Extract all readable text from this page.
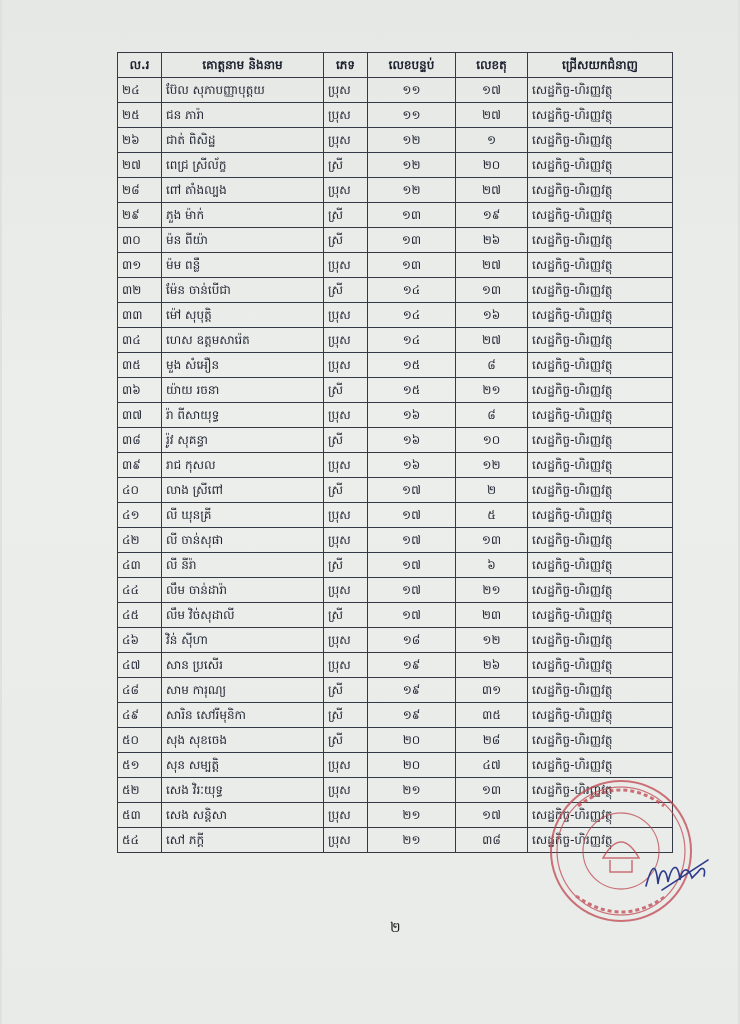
ល.រ	គោត្តនាម និងនាម	ភេទ	លេខបន្ទប់	លេខតុ	ជ្រើសយកជំនាញ
២៤	ប៊ែល សុភាបញ្ញាបុត្តយ	ប្រុស	១១	១៧	សេដ្ឋកិច្ច-ហិរញ្ញវត្ថុ
២៥	ជន ភារ៉ា	ប្រុស	១១	២៧	សេដ្ឋកិច្ច-ហិរញ្ញវត្ថុ
២៦	ជាត់ ពិសិដ្ឋ	ប្រុស	១២	១	សេដ្ឋកិច្ច-ហិរញ្ញវត្ថុ
២៧	ពេជ្រ ស្រីល័ក្ខ	ស្រី	១២	២០	សេដ្ឋកិច្ច-ហិរញ្ញវត្ថុ
២៨	ពៅ តាំងល្បង	ប្រុស	១២	២៧	សេដ្ឋកិច្ច-ហិរញ្ញវត្ថុ
២៩	ភួង ម៉ាក់	ស្រី	១៣	១៩	សេដ្ឋកិច្ច-ហិរញ្ញវត្ថុ
៣០	ម៉ន ពីយ៉ា	ស្រី	១៣	២៦	សេដ្ឋកិច្ច-ហិរញ្ញវត្ថុ
៣១	ម៉ម ពន្លឺ	ប្រុស	១៣	២៧	សេដ្ឋកិច្ច-ហិរញ្ញវត្ថុ
៣២	ម៉ែន ចាន់បើជា	ស្រី	១៤	១៣	សេដ្ឋកិច្ច-ហិរញ្ញវត្ថុ
៣៣	ម៉ៅ សុបុត្តិ	ប្រុស	១៤	១៦	សេដ្ឋកិច្ច-ហិរញ្ញវត្ថុ
៣៤	ហេស ឧត្តមសារ៉េត	ប្រុស	១៤	២៧	សេដ្ឋកិច្ច-ហិរញ្ញវត្ថុ
៣៥	មួង សំអឿន	ប្រុស	១៥	៨	សេដ្ឋកិច្ច-ហិរញ្ញវត្ថុ
៣៦	យ៉ាយ រចនា	ស្រី	១៥	២១	សេដ្ឋកិច្ច-ហិរញ្ញវត្ថុ
៣៧	រ៉ា ពីសាយុទ្ធ	ប្រុស	១៦	៨	សេដ្ឋកិច្ច-ហិរញ្ញវត្ថុ
៣៨	រ៉ូវ សុគន្ធា	ស្រី	១៦	១០	សេដ្ឋកិច្ច-ហិរញ្ញវត្ថុ
៣៩	រាជ កុសល	ប្រុស	១៦	១២	សេដ្ឋកិច្ច-ហិរញ្ញវត្ថុ
៤០	លាង ស្រីពៅ	ស្រី	១៧	២	សេដ្ឋកិច្ច-ហិរញ្ញវត្ថុ
៤១	លី ឃុនគ្រី	ប្រុស	១៧	៥	សេដ្ឋកិច្ច-ហិរញ្ញវត្ថុ
៤២	លី ចាន់សុផា	ប្រុស	១៧	១៣	សេដ្ឋកិច្ច-ហិរញ្ញវត្ថុ
៤៣	លី នីរ៉ា	ស្រី	១៧	៦	សេដ្ឋកិច្ច-ហិរញ្ញវត្ថុ
៤៤	លឹម ចាន់ដារ៉ា	ប្រុស	១៧	២១	សេដ្ឋកិច្ច-ហិរញ្ញវត្ថុ
៤៥	លឹម វិច់សុដាលី	ស្រី	១៧	២៣	សេដ្ឋកិច្ច-ហិរញ្ញវត្ថុ
៤៦	វិន់ ស៊ីហា	ប្រុស	១៨	១២	សេដ្ឋកិច្ច-ហិរញ្ញវត្ថុ
៤៧	សាន ប្រសើរ	ប្រុស	១៩	២៦	សេដ្ឋកិច្ច-ហិរញ្ញវត្ថុ
៤៨	សាម ការុណ្យ	ស្រី	១៩	៣១	សេដ្ឋកិច្ច-ហិរញ្ញវត្ថុ
៤៩	សារិន សៅរីមុនិកា	ស្រី	១៩	៣៥	សេដ្ឋកិច្ច-ហិរញ្ញវត្ថុ
៥០	សុង សុខចេង	ស្រី	២០	២៨	សេដ្ឋកិច្ច-ហិរញ្ញវត្ថុ
៥១	សុន សម្បត្តិ	ប្រុស	២០	៤៧	សេដ្ឋកិច្ច-ហិរញ្ញវត្ថុ
៥២	សេង វិរៈយុទ្ធ	ប្រុស	២១	១៣	សេដ្ឋកិច្ច-ហិរញ្ញវត្ថុ
៥៣	សេង សន្តិសា	ប្រុស	២១	១៧	សេដ្ឋកិច្ច-ហិរញ្ញវត្ថុ
៥៤	សៅ ភក្តី	ប្រុស	២១	៣៨	សេដ្ឋកិច្ច-ហិរញ្ញវត្ថុ
២
